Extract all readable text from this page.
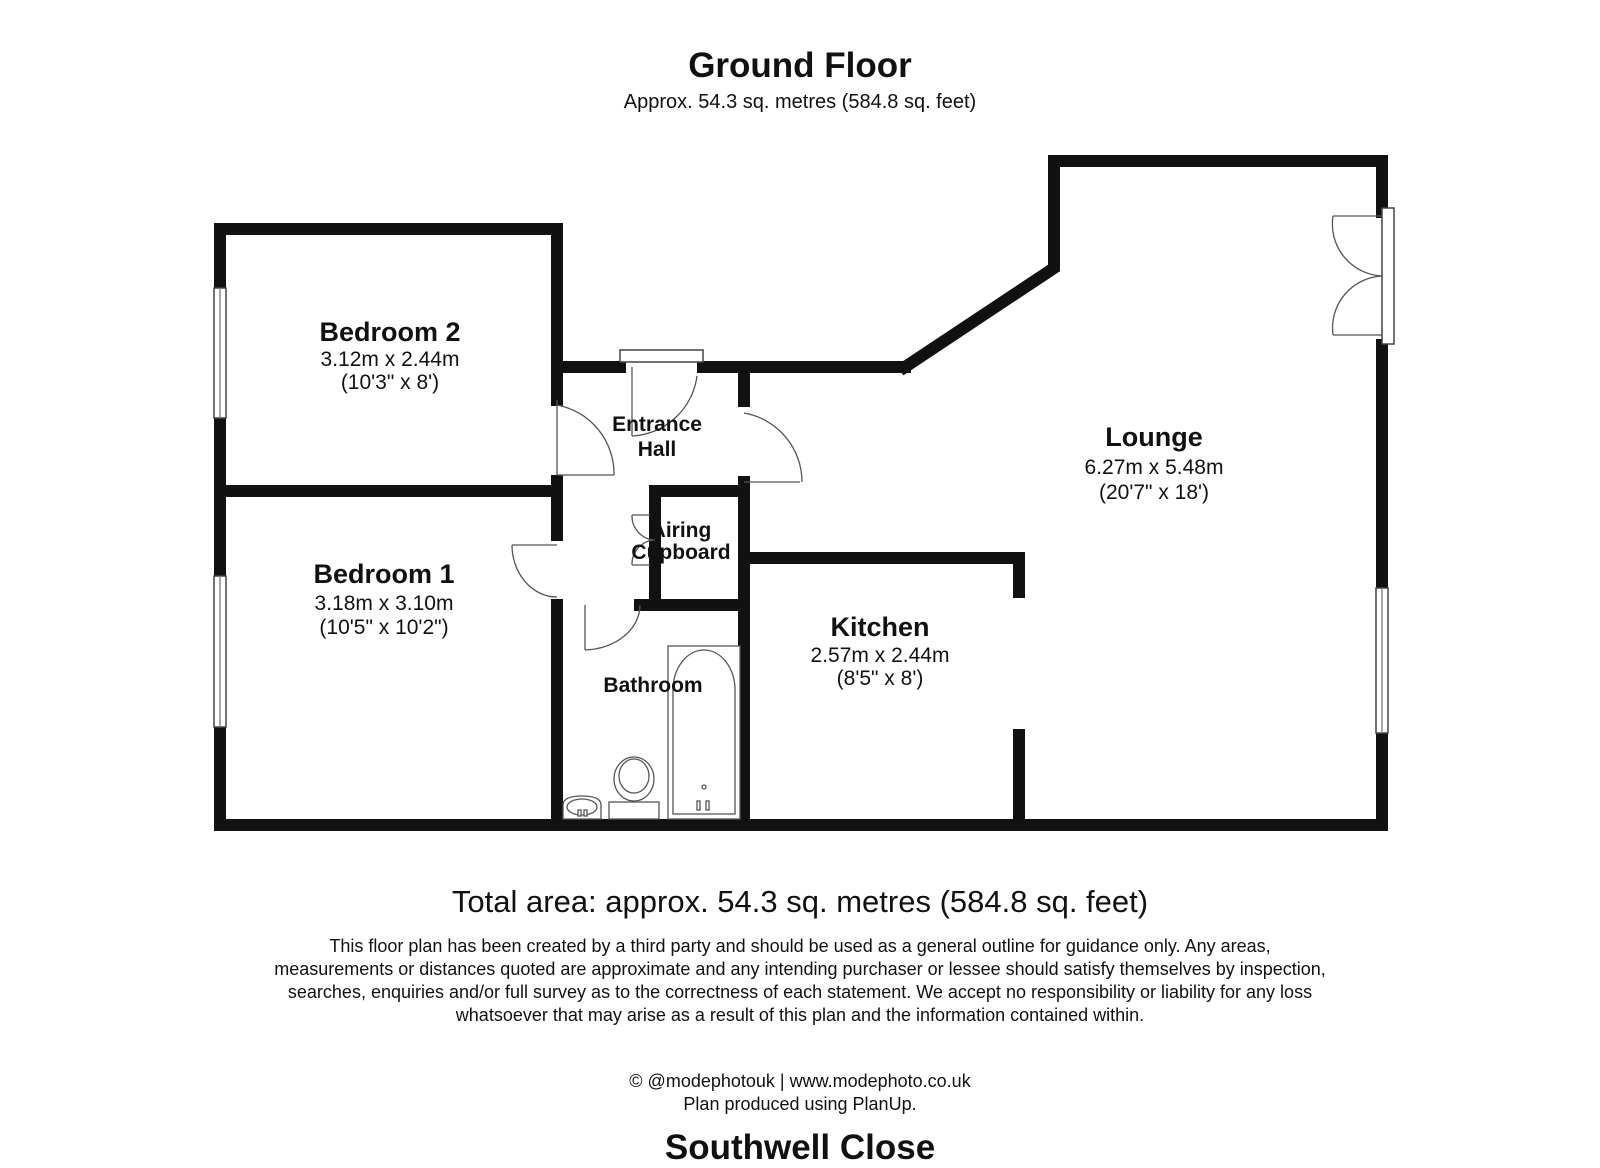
Ground Floor
Approx. 54.3 sq. metres (584.8 sq. feet)
Bedroom 2
3.12m x 2.44m
(10'3" x 8')
Entrance
Hall	Lounge
6.27m x 5.48m
(20'7" x 18')
Airing
Cupboard
Bedroom 1
3.18m x 3.10m
(10'5" x 10'2")	Kitchen
2.57m x 2.44m
(8'5" x 8')
Bathroom
Total area: approx. 54.3 sq. metres (584.8 sq. feet)
This floor plan has been created by a third party and should be used as a general outline for guidance only. Any areas, measurements or distances quoted are approximate and any intending purchaser or lessee should satisfy themselves by inspection, searches, enquiries and/or full survey as to the correctness of each statement. We accept no responsibility or liability for any loss whatsoever that may arise as a result of this plan and the information contained within.
© @modephotouk | www.modephoto.co.uk
Plan produced using PlanUp.
Southwell Close
